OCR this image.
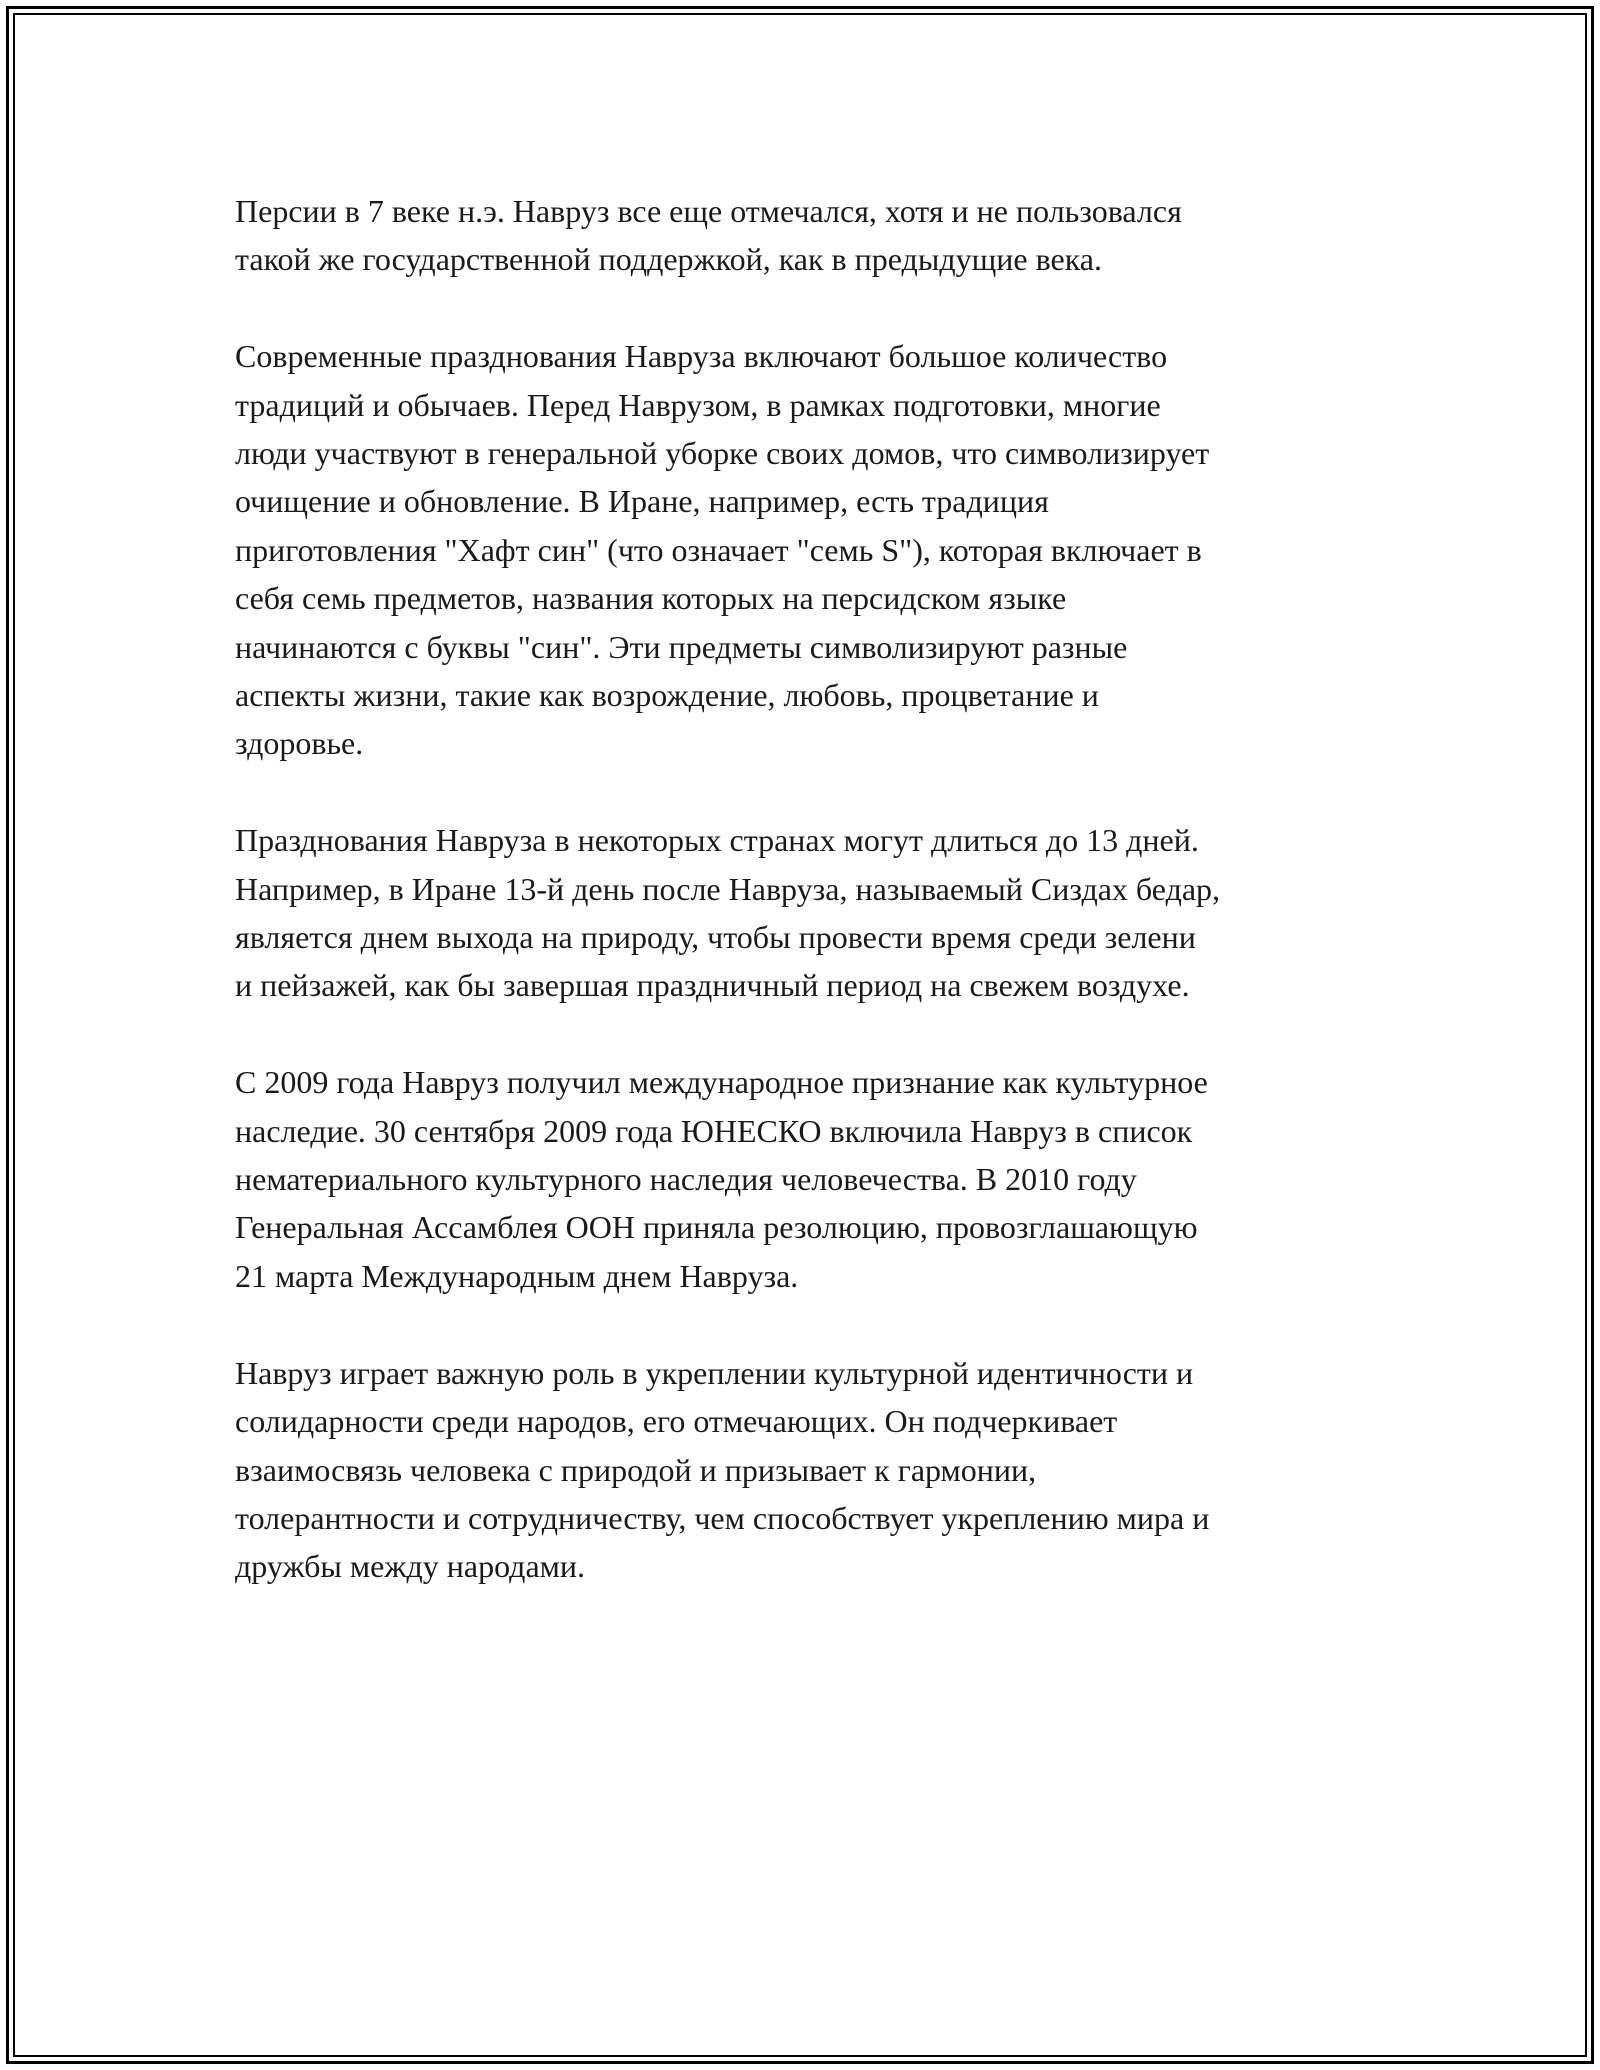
Персии в 7 веке н.э. Навруз все еще отмечался, хотя и не пользовался
такой же государственной поддержкой, как в предыдущие века.

Современные празднования Навруза включают большое количество
традиций и обычаев. Перед Наврузом, в рамках подготовки, многие
люди участвуют в генеральной уборке своих домов, что символизирует
очищение и обновление. В Иране, например, есть традиция
приготовления "Хафт син" (что означает "семь S"), которая включает в
себя семь предметов, названия которых на персидском языке
начинаются с буквы "син". Эти предметы символизируют разные
аспекты жизни, такие как возрождение, любовь, процветание и
здоровье.

Празднования Навруза в некоторых странах могут длиться до 13 дней.
Например, в Иране 13-й день после Навруза, называемый Сиздах бедар,
является днем выхода на природу, чтобы провести время среди зелени
и пейзажей, как бы завершая праздничный период на свежем воздухе.

С 2009 года Навруз получил международное признание как культурное
наследие. 30 сентября 2009 года ЮНЕСКО включила Навруз в список
нематериального культурного наследия человечества. В 2010 году
Генеральная Ассамблея ООН приняла резолюцию, провозглашающую
21 марта Международным днем Навруза.

Навруз играет важную роль в укреплении культурной идентичности и
солидарности среди народов, его отмечающих. Он подчеркивает
взаимосвязь человека с природой и призывает к гармонии,
толерантности и сотрудничеству, чем способствует укреплению мира и
дружбы между народами.
